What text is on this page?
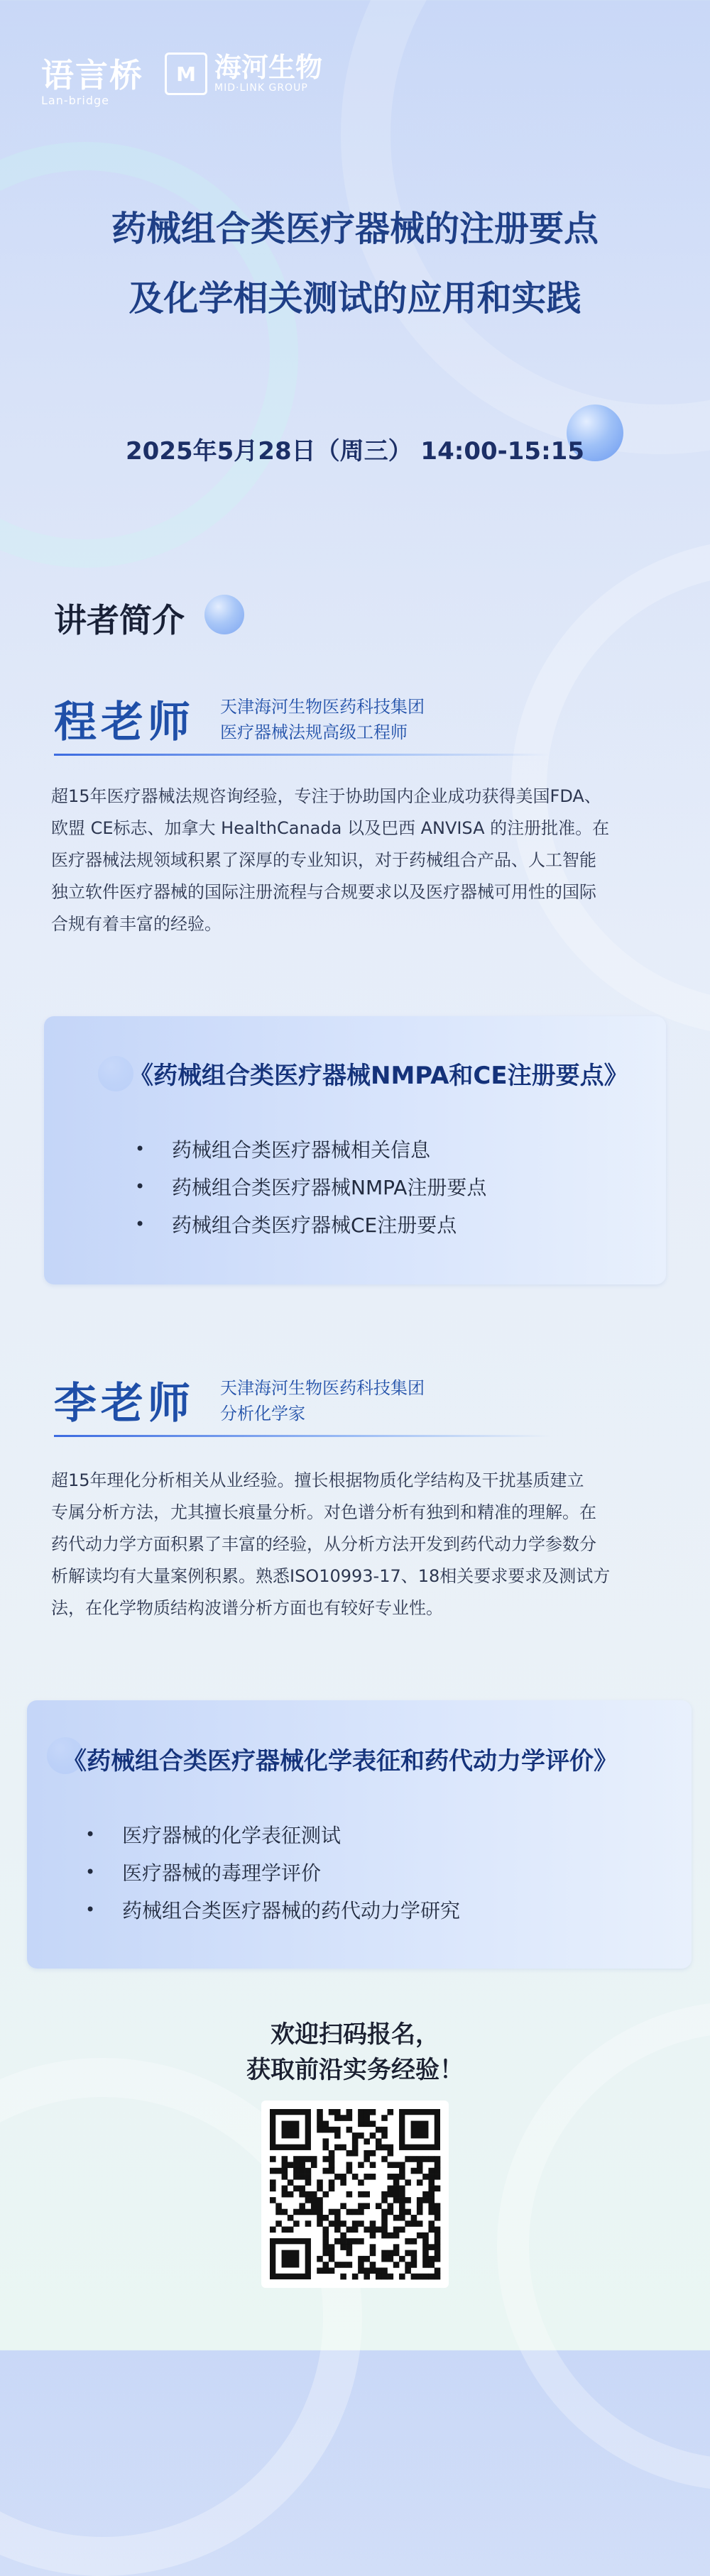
语言桥
Lan-bridge
M 海河生物
MID·LINK GROUP
药械组合类医疗器械的注册要点
及化学相关测试的应用和实践
2025年5月28日（周三） 14:00-15:15
讲者简介
程老师 天津海河生物医药科技集团
医疗器械法规高级工程师
超15年医疗器械法规咨询经验，专注于协助国内企业成功获得美国FDA、
欧盟 CE标志、加拿大 HealthCanada 以及巴西 ANVISA 的注册批准。在
医疗器械法规领域积累了深厚的专业知识，对于药械组合产品、人工智能
独立软件医疗器械的国际注册流程与合规要求以及医疗器械可用性的国际
合规有着丰富的经验。
《药械组合类医疗器械NMPA和CE注册要点》
• 药械组合类医疗器械相关信息
• 药械组合类医疗器械NMPA注册要点
• 药械组合类医疗器械CE注册要点
李老师 天津海河生物医药科技集团
分析化学家
超15年理化分析相关从业经验。擅长根据物质化学结构及干扰基质建立
专属分析方法，尤其擅长痕量分析。对色谱分析有独到和精准的理解。在
药代动力学方面积累了丰富的经验，从分析方法开发到药代动力学参数分
析解读均有大量案例积累。熟悉ISO10993-17、18相关要求要求及测试方
法，在化学物质结构波谱分析方面也有较好专业性。
《药械组合类医疗器械化学表征和药代动力学评价》
• 医疗器械的化学表征测试
• 医疗器械的毒理学评价
• 药械组合类医疗器械的药代动力学研究
欢迎扫码报名，
获取前沿实务经验！
